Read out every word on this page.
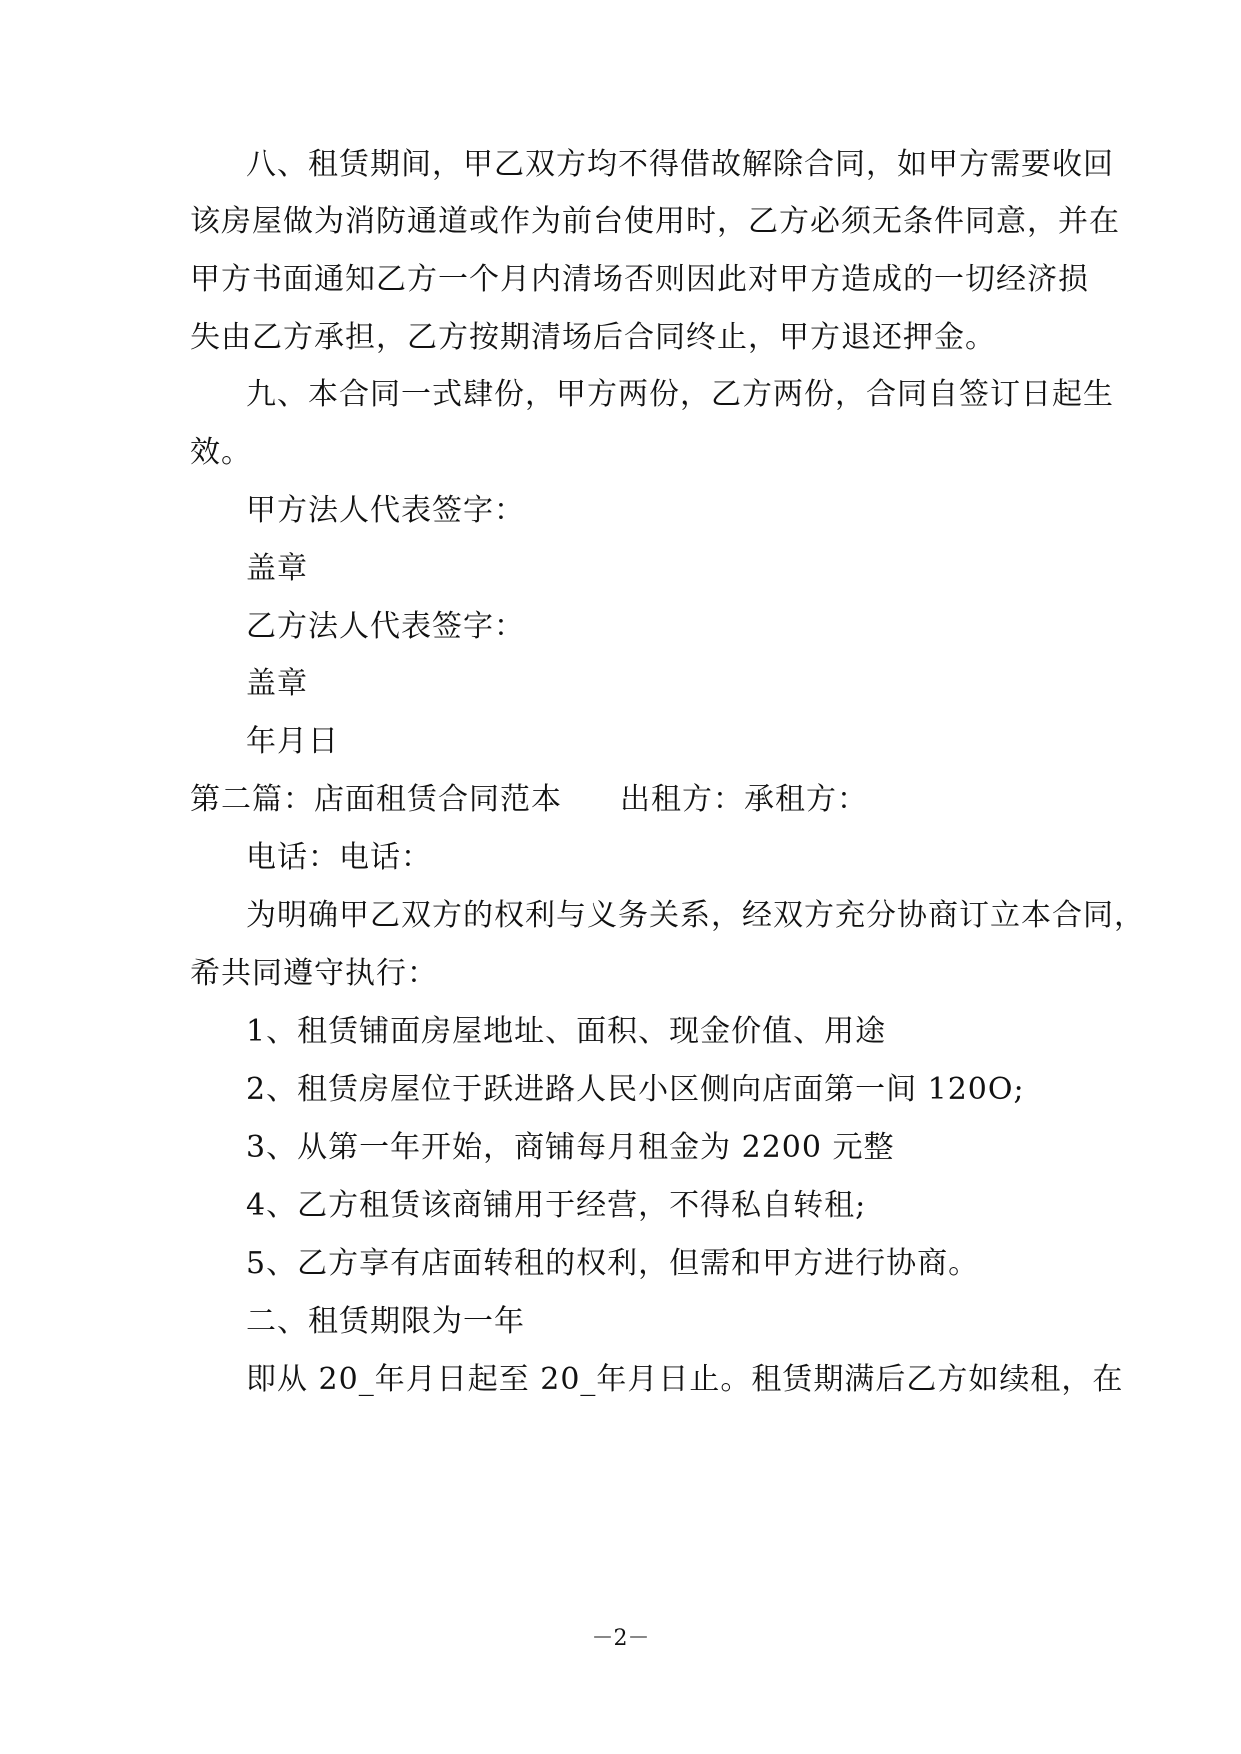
八、租赁期间，甲乙双方均不得借故解除合同，如甲方需要收回
该房屋做为消防通道或作为前台使用时，乙方必须无条件同意，并在
甲方书面通知乙方一个月内清场否则因此对甲方造成的一切经济损
失由乙方承担，乙方按期清场后合同终止，甲方退还押金。
九、本合同一式肆份，甲方两份，乙方两份，合同自签订日起生
效。
甲方法人代表签字：
盖章
乙方法人代表签字：
盖章
年月日
第二篇：店面租赁合同范本 出租方：承租方：
电话：电话：
为明确甲乙双方的权利与义务关系，经双方充分协商订立本合同，
希共同遵守执行：
1、租赁铺面房屋地址、面积、现金价值、用途
2、租赁房屋位于跃进路人民小区侧向店面第一间 120O;
3、从第一年开始，商铺每月租金为 2200 元整
4、乙方租赁该商铺用于经营，不得私自转租;
5、乙方享有店面转租的权利，但需和甲方进行协商。
二、租赁期限为一年
即从 20_年月日起至 20_年月日止。租赁期满后乙方如续租，在
－2－
